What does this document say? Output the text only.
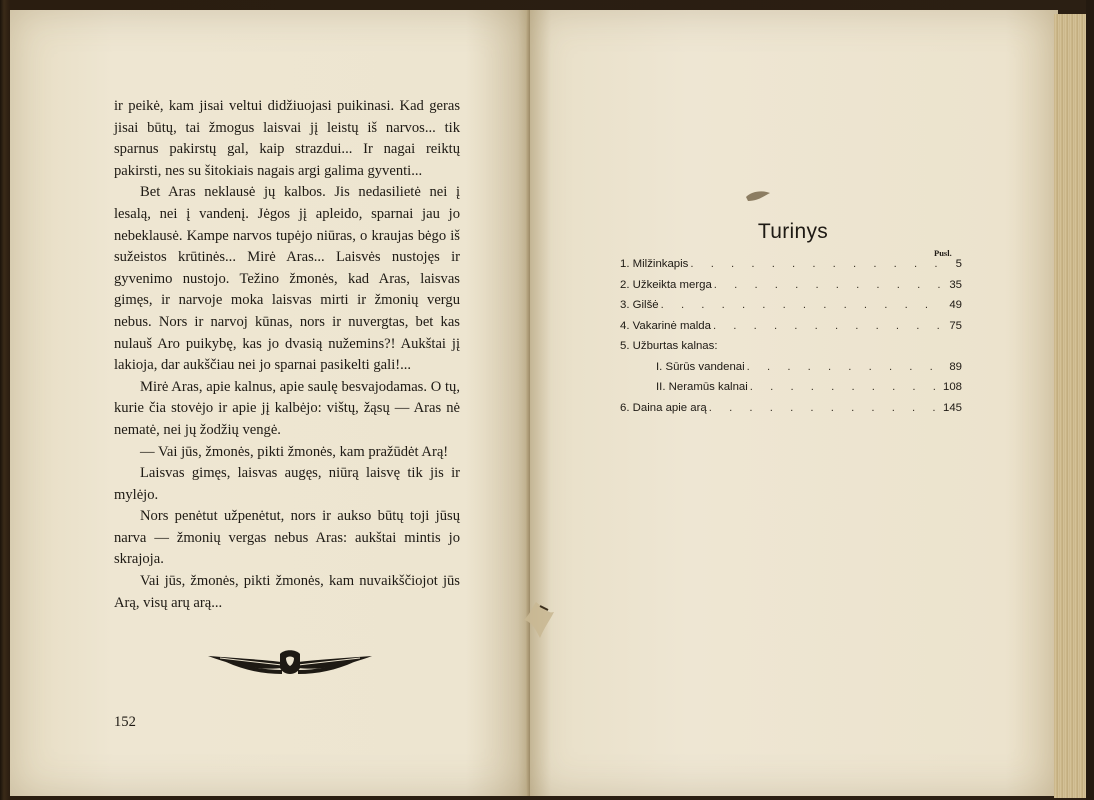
ir peikė, kam jisai veltui didžiuojasi puikinasi. Kad geras jisai būtų, tai žmogus laisvai jį leistų iš narvos... tik sparnus pakirstų gal, kaip strazdui... Ir nagai reiktų pakirsti, nes su šitokiais nagais argi galima gyventi...

Bet Aras neklausė jų kalbos. Jis nedasilietė nei į lesalą, nei į vandenį. Jėgos jį apleido, sparnai jau jo nebeklausė. Kampe narvos tupėjo niūras, o kraujas bėgo iš sužeistos krūtinės... Mirė Aras... Laisvės nustojęs ir gyvenimo nustojo. Težino žmonės, kad Aras, laisvas gimęs, ir narvoje moka laisvas mirti ir žmonių vergu nebus. Nors ir narvoj kūnas, nors ir nuvergtas, bet kas nulauš Aro puikybę, kas jo dvasią nužemins?! Aukštai jį lakioja, dar aukščiau nei jo sparnai pasikelti gali!...

Mirė Aras, apie kalnus, apie saulę besvajodamas. O tų, kurie čia stovėjo ir apie jį kalbėjo: vištų, žąsų — Aras nė nematė, nei jų žodžių vengė.

— Vai jūs, žmonės, pikti žmonės, kam pražūdėt Arą!

Laisvas gimęs, laisvas augęs, niūrą laisvę tik jis ir mylėjo.

Nors penėtut užpenėtut, nors ir aukso būtų toji jūsų narva — žmonių vergas nebus Aras: aukštai mintis jo skrajoja.

Vai jūs, žmonės, pikti žmonės, kam nuvaikščiojot jūs Arą, visų arų arą...

152
Turinys
Pusl.
1. Milžinkapis . . .	5
2. Užkeikta merga . . .	35
3. Gilšė . . .	49
4. Vakarinė malda . . .	75
5. Užburtas kalnas:
I. Sūrūs vandenai . . .	89
II. Neramūs kalnai . . .	108
6. Daina apie arą . . .	145
